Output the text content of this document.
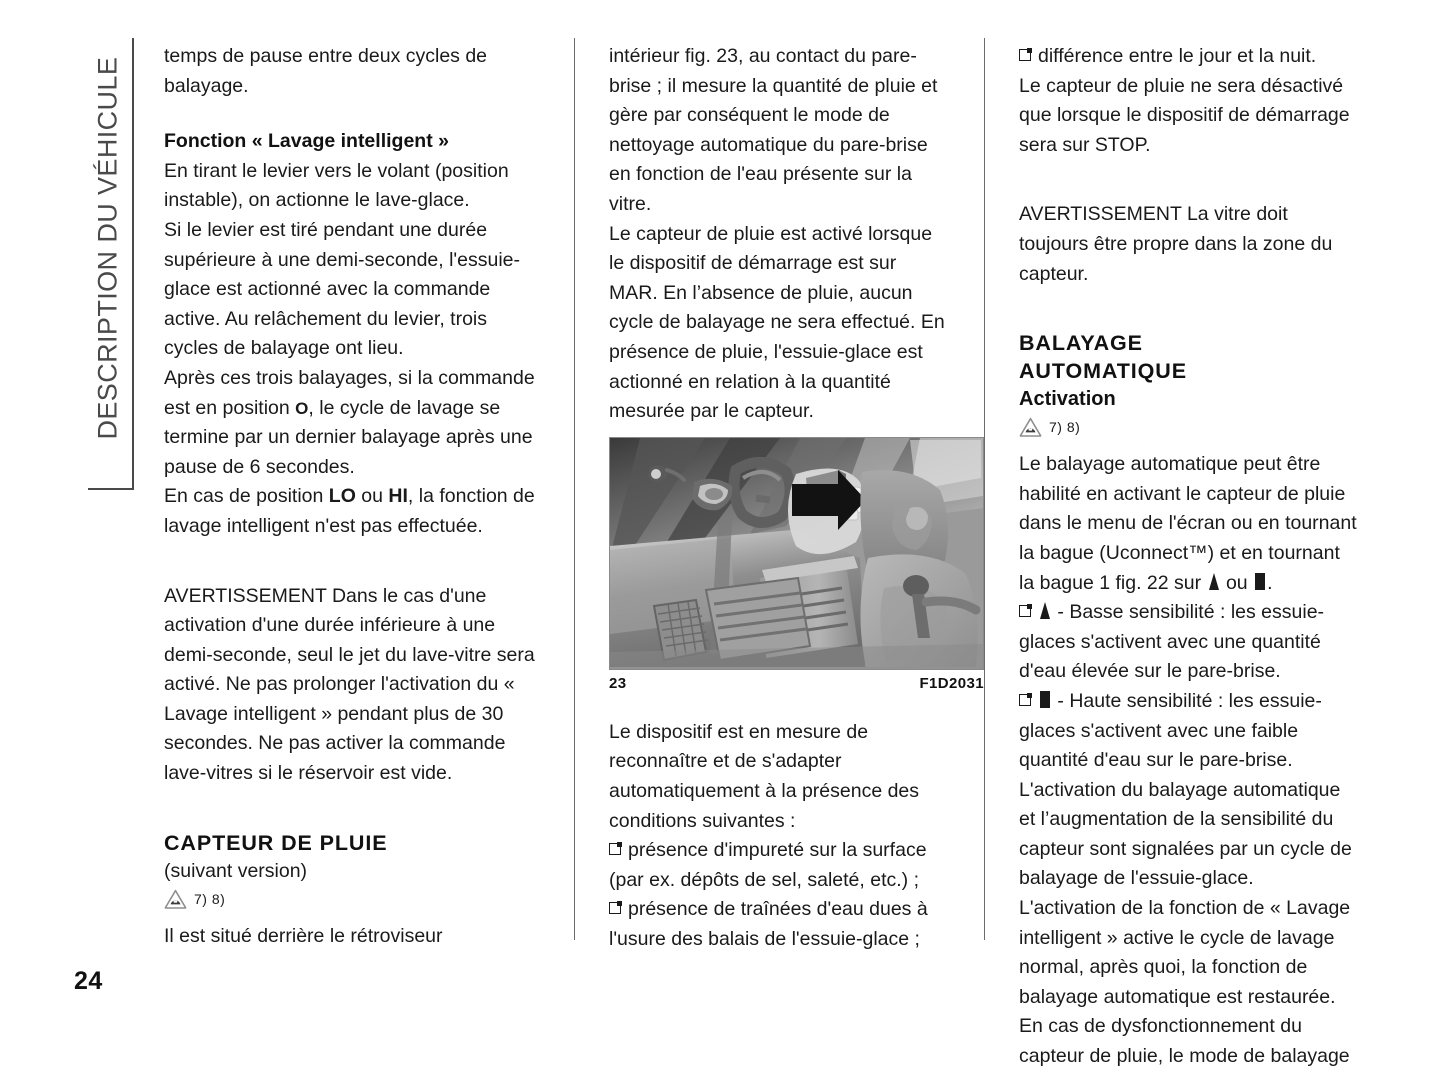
DESCRIPTION DU VÉHICULE

temps de pause entre deux cycles de balayage.

Fonction « Lavage intelligent »

En tirant le levier vers le volant (position instable), on actionne le lave-glace.

Si le levier est tiré pendant une durée supérieure à une demi-seconde, l'essuie-glace est actionné avec la commande active. Au relâchement du levier, trois cycles de balayage ont lieu.

Après ces trois balayages, si la commande est en position O, le cycle de lavage se termine par un dernier balayage après une pause de 6 secondes.

En cas de position LO ou HI, la fonction de lavage intelligent n'est pas effectuée.

AVERTISSEMENT Dans le cas d'une activation d'une durée inférieure à une demi-seconde, seul le jet du lave-vitre sera activé. Ne pas prolonger l'activation du « Lavage intelligent » pendant plus de 30 secondes. Ne pas activer la commande lave-vitres si le réservoir est vide.

CAPTEUR DE PLUIE

(suivant version)

7) 8)

Il est situé derrière le rétroviseur

intérieur fig. 23, au contact du pare-brise ; il mesure la quantité de pluie et gère par conséquent le mode de nettoyage automatique du pare-brise en fonction de l'eau présente sur la vitre.

Le capteur de pluie est activé lorsque le dispositif de démarrage est sur MAR. En l’absence de pluie, aucun cycle de balayage ne sera effectué. En présence de pluie, l'essuie-glace est actionné en relation à la quantité mesurée par le capteur.

23	F1D2031

Le dispositif est en mesure de reconnaître et de s'adapter automatiquement à la présence des conditions suivantes :

présence d'impureté sur la surface (par ex. dépôts de sel, saleté, etc.) ;

présence de traînées d'eau dues à l'usure des balais de l'essuie-glace ;

différence entre le jour et la nuit.

Le capteur de pluie ne sera désactivé que lorsque le dispositif de démarrage sera sur STOP.

AVERTISSEMENT La vitre doit toujours être propre dans la zone du capteur.

BALAYAGE
AUTOMATIQUE
Activation
7) 8)

Le balayage automatique peut être habilité en activant le capteur de pluie dans le menu de l'écran ou en tournant la bague (Uconnect™) et en tournant la bague 1 fig. 22 sur  ou .

- Basse sensibilité : les essuie-glaces s'activent avec une quantité d'eau élevée sur le pare-brise.

- Haute sensibilité : les essuie-glaces s'activent avec une faible quantité d'eau sur le pare-brise.

L'activation du balayage automatique et l’augmentation de la sensibilité du capteur sont signalées par un cycle de balayage de l'essuie-glace.

L'activation de la fonction de « Lavage intelligent » active le cycle de lavage normal, après quoi, la fonction de balayage automatique est restaurée.

En cas de dysfonctionnement du capteur de pluie, le mode de balayage

24
